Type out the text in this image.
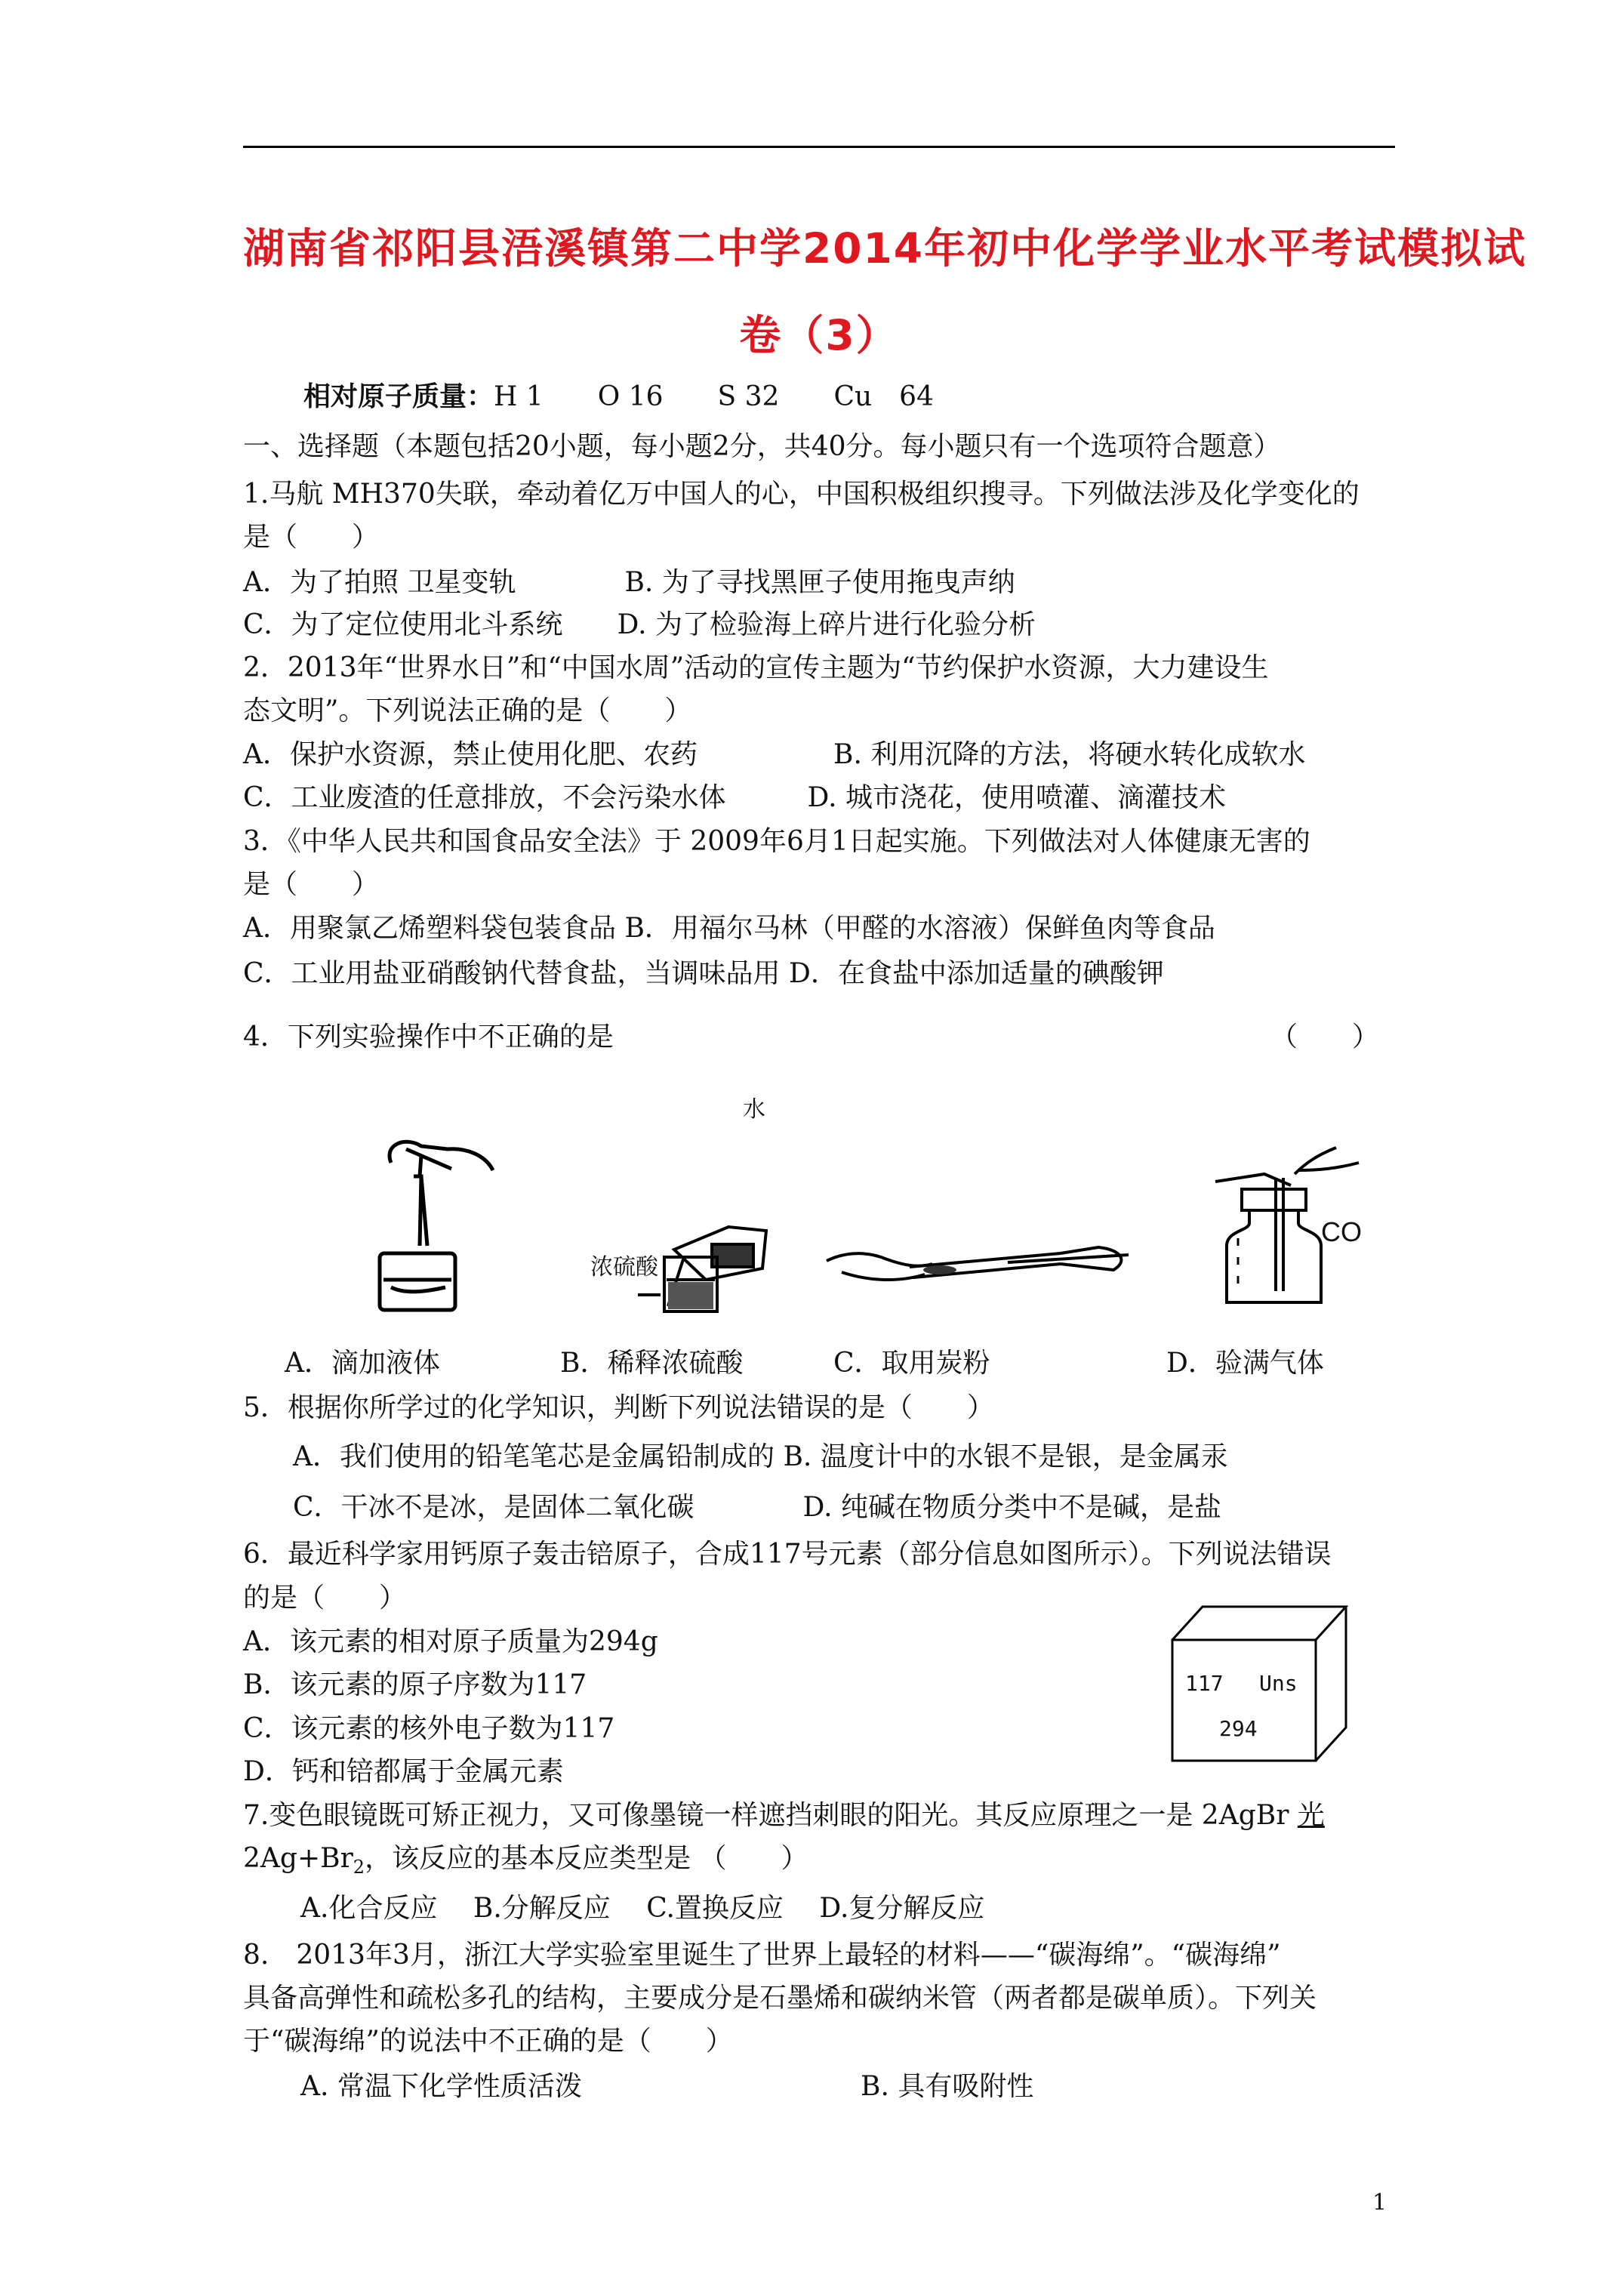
湖南省祁阳县浯溪镇第二中学2014年初中化学学业水平考试模拟试
卷（3）
相对原子质量：H 1　　O 16　　S 32　　Cu　64
一、选择题（本题包括20小题，每小题2分，共40分。每小题只有一个选项符合题意）
1.马航 MH370失联，牵动着亿万中国人的心，中国积极组织搜寻。下列做法涉及化学变化的
是（　　）
A．为了拍照 卫星变轨　　　　B. 为了寻找黑匣子使用拖曳声纳
C．为了定位使用北斗系统　　D. 为了检验海上碎片进行化验分析
2．2013年“世界水日”和“中国水周”活动的宣传主题为“节约保护水资源，大力建设生
态文明”。下列说法正确的是（　　）
A．保护水资源，禁止使用化肥、农药　　　　　B. 利用沉降的方法，将硬水转化成软水
C．工业废渣的任意排放，不会污染水体　　　D. 城市浇花，使用喷灌、滴灌技术
3．《中华人民共和国食品安全法》于 2009年6月1日起实施。下列做法对人体健康无害的
是（　　）
A．用聚氯乙烯塑料袋包装食品 B．用福尔马林（甲醛的水溶液）保鲜鱼肉等食品
C．工业用盐亚硝酸钠代替食盐，当调味品用 D．在食盐中添加适量的碘酸钾
4．下列实验操作中不正确的是	（　　）
水
浓硫酸
CO
A．滴加液体	B．稀释浓硫酸	C．取用炭粉	D．验满气体
5．根据你所学过的化学知识，判断下列说法错误的是（　　）
A．我们使用的铅笔笔芯是金属铅制成的 B. 温度计中的水银不是银，是金属汞
C．干冰不是冰，是固体二氧化碳　　　　D. 纯碱在物质分类中不是碱，是盐
6．最近科学家用钙原子轰击锫原子，合成117号元素（部分信息如图所示）。下列说法错误
的是（　　）
A．该元素的相对原子质量为294g
B．该元素的原子序数为117
C．该元素的核外电子数为117
D．钙和锫都属于金属元素
117 Uns
294
7.变色眼镜既可矫正视力，又可像墨镜一样遮挡刺眼的阳光。其反应原理之一是 2AgBr 光
$2Ag+Br_2$，该反应的基本反应类型是 （　　）
A.化合反应　 B.分解反应　 C.置换反应　 D.复分解反应
8.　2013年3月，浙江大学实验室里诞生了世界上最轻的材料——“碳海绵”。“碳海绵”
具备高弹性和疏松多孔的结构，主要成分是石墨烯和碳纳米管（两者都是碳单质）。下列关
于“碳海绵”的说法中不正确的是（　　）
A. 常温下化学性质活泼	B. 具有吸附性
1
